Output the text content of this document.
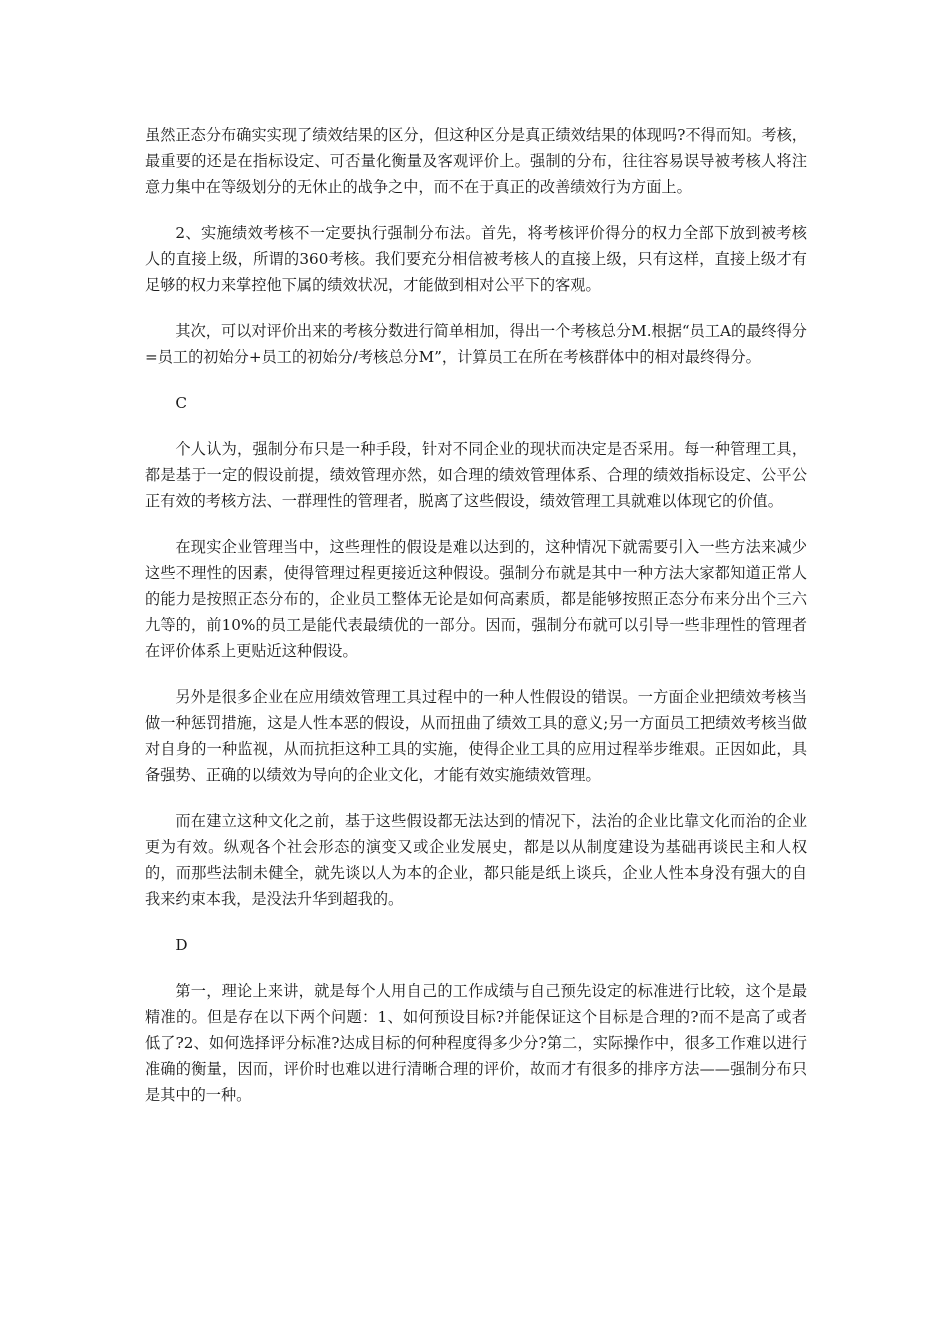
虽然正态分布确实实现了绩效结果的区分，但这种区分是真正绩效结果的体现吗?不得而知。考核，最重要的还是在指标设定、可否量化衡量及客观评价上。强制的分布，往往容易误导被考核人将注意力集中在等级划分的无休止的战争之中，而不在于真正的改善绩效行为方面上。

2、实施绩效考核不一定要执行强制分布法。首先，将考核评价得分的权力全部下放到被考核人的直接上级，所谓的360考核。我们要充分相信被考核人的直接上级，只有这样，直接上级才有足够的权力来掌控他下属的绩效状况，才能做到相对公平下的客观。

其次，可以对评价出来的考核分数进行简单相加，得出一个考核总分M.根据“员工A的最终得分=员工的初始分+员工的初始分/考核总分M”，计算员工在所在考核群体中的相对最终得分。

C

个人认为，强制分布只是一种手段，针对不同企业的现状而决定是否采用。每一种管理工具，都是基于一定的假设前提，绩效管理亦然，如合理的绩效管理体系、合理的绩效指标设定、公平公正有效的考核方法、一群理性的管理者，脱离了这些假设，绩效管理工具就难以体现它的价值。

在现实企业管理当中，这些理性的假设是难以达到的，这种情况下就需要引入一些方法来减少这些不理性的因素，使得管理过程更接近这种假设。强制分布就是其中一种方法大家都知道正常人的能力是按照正态分布的，企业员工整体无论是如何高素质，都是能够按照正态分布来分出个三六九等的，前10%的员工是能代表最绩优的一部分。因而，强制分布就可以引导一些非理性的管理者在评价体系上更贴近这种假设。

另外是很多企业在应用绩效管理工具过程中的一种人性假设的错误。一方面企业把绩效考核当做一种惩罚措施，这是人性本恶的假设，从而扭曲了绩效工具的意义;另一方面员工把绩效考核当做对自身的一种监视，从而抗拒这种工具的实施，使得企业工具的应用过程举步维艰。正因如此，具备强势、正确的以绩效为导向的企业文化，才能有效实施绩效管理。

而在建立这种文化之前，基于这些假设都无法达到的情况下，法治的企业比靠文化而治的企业更为有效。纵观各个社会形态的演变又或企业发展史，都是以从制度建设为基础再谈民主和人权的，而那些法制未健全，就先谈以人为本的企业，都只能是纸上谈兵，企业人性本身没有强大的自我来约束本我，是没法升华到超我的。

D

第一，理论上来讲，就是每个人用自己的工作成绩与自己预先设定的标准进行比较，这个是最精准的。但是存在以下两个问题：1、如何预设目标?并能保证这个目标是合理的?而不是高了或者低了?2、如何选择评分标准?达成目标的何种程度得多少分?第二，实际操作中，很多工作难以进行准确的衡量，因而，评价时也难以进行清晰合理的评价，故而才有很多的排序方法——强制分布只是其中的一种。
